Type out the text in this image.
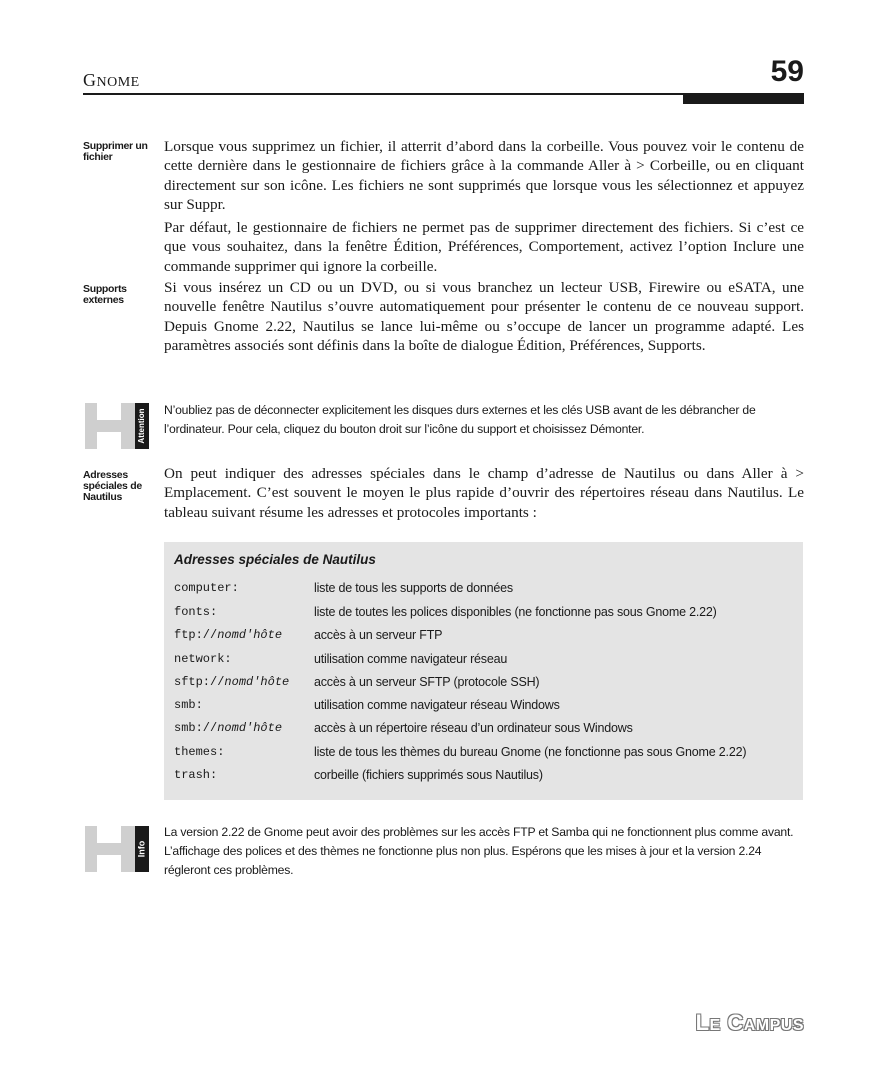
GNOME	59
Supprimer un fichier

Lorsque vous supprimez un fichier, il atterrit d’abord dans la corbeille. Vous pouvez voir le contenu de cette dernière dans le gestionnaire de fichiers grâce à la commande Aller à > Corbeille, ou en cliquant directement sur son icône. Les fichiers ne sont supprimés que lorsque vous les sélectionnez et appuyez sur Suppr.

Par défaut, le gestionnaire de fichiers ne permet pas de supprimer directement des fichiers. Si c’est ce que vous souhaitez, dans la fenêtre Édition, Préférences, Comportement, activez l’option Inclure une commande supprimer qui ignore la corbeille.

Supports externes

Si vous insérez un CD ou un DVD, ou si vous branchez un lecteur USB, Firewire ou eSATA, une nouvelle fenêtre Nautilus s’ouvre automatiquement pour présenter le contenu de ce nouveau support. Depuis Gnome 2.22, Nautilus se lance lui-même ou s’occupe de lancer un programme adapté. Les paramètres associés sont définis dans la boîte de dialogue Édition, Préférences, Supports.

Attention N’oubliez pas de déconnecter explicitement les disques durs externes et les clés USB avant de les débrancher de l’ordinateur. Pour cela, cliquez du bouton droit sur l’icône du support et choisissez Démonter.

Adresses spéciales de Nautilus

On peut indiquer des adresses spéciales dans le champ d’adresse de Nautilus ou dans Aller à > Emplacement. C’est souvent le moyen le plus rapide d’ouvrir des répertoires réseau dans Nautilus. Le tableau suivant résume les adresses et protocoles importants :

Adresses spéciales de Nautilus
computer:	liste de tous les supports de données
fonts:	liste de toutes les polices disponibles (ne fonctionne pas sous Gnome 2.22)
ftp://nomd'hôte	accès à un serveur FTP
network:	utilisation comme navigateur réseau
sftp://nomd'hôte accès à un serveur SFTP (protocole SSH)
smb:	utilisation comme navigateur réseau Windows
smb://nomd'hôte	accès à un répertoire réseau d’un ordinateur sous Windows
themes:	liste de tous les thèmes du bureau Gnome (ne fonctionne pas sous Gnome 2.22)
trash:	corbeille (fichiers supprimés sous Nautilus)
Info

La version 2.22 de Gnome peut avoir des problèmes sur les accès FTP et Samba qui ne fonctionnent plus comme avant. L’affichage des polices et des thèmes ne fonctionne plus non plus. Espérons que les mises à jour et la version 2.24 régleront ces problèmes.

LE CAMPUS
